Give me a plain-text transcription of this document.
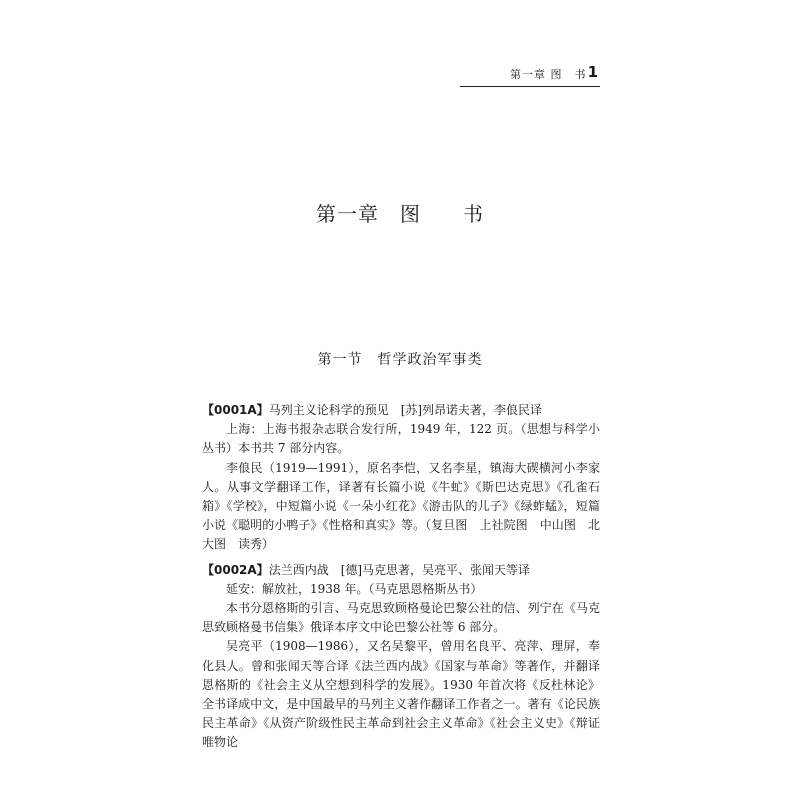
第一章 图　书 1
第一章　图　　书
第一节　哲学政治军事类
【0001A】马列主义论科学的预见　[苏]列昂诺夫著，李俍民译

上海：上海书报杂志联合发行所，1949 年，122 页。（思想与科学小丛书）本书共 7 部分内容。

李俍民（1919—1991），原名李恺，又名李星，镇海大碶横河小李家人。从事文学翻译工作，译著有长篇小说《牛虻》《斯巴达克思》《孔雀石箱》《学校》，中短篇小说《一朵小红花》《游击队的儿子》《绿蚱蜢》，短篇小说《聪明的小鸭子》《性格和真实》等。（复旦图　上社院图　中山图　北大图　读秀）

【0002A】法兰西内战　[德]马克思著，吴亮平、张闻天等译

延安：解放社，1938 年。（马克思恩格斯丛书）

本书分恩格斯的引言、马克思致顾格曼论巴黎公社的信、列宁在《马克思致顾格曼书信集》俄译本序文中论巴黎公社等 6 部分。

吴亮平（1908—1986），又名吴黎平，曾用名良平、亮萍、理屏，奉化县人。曾和张闻天等合译《法兰西内战》《国家与革命》等著作，并翻译恩格斯的《社会主义从空想到科学的发展》。1930 年首次将《反杜林论》全书译成中文，是中国最早的马列主义著作翻译工作者之一。著有《论民族民主革命》《从资产阶级性民主革命到社会主义革命》《社会主义史》《辩证唯物论
